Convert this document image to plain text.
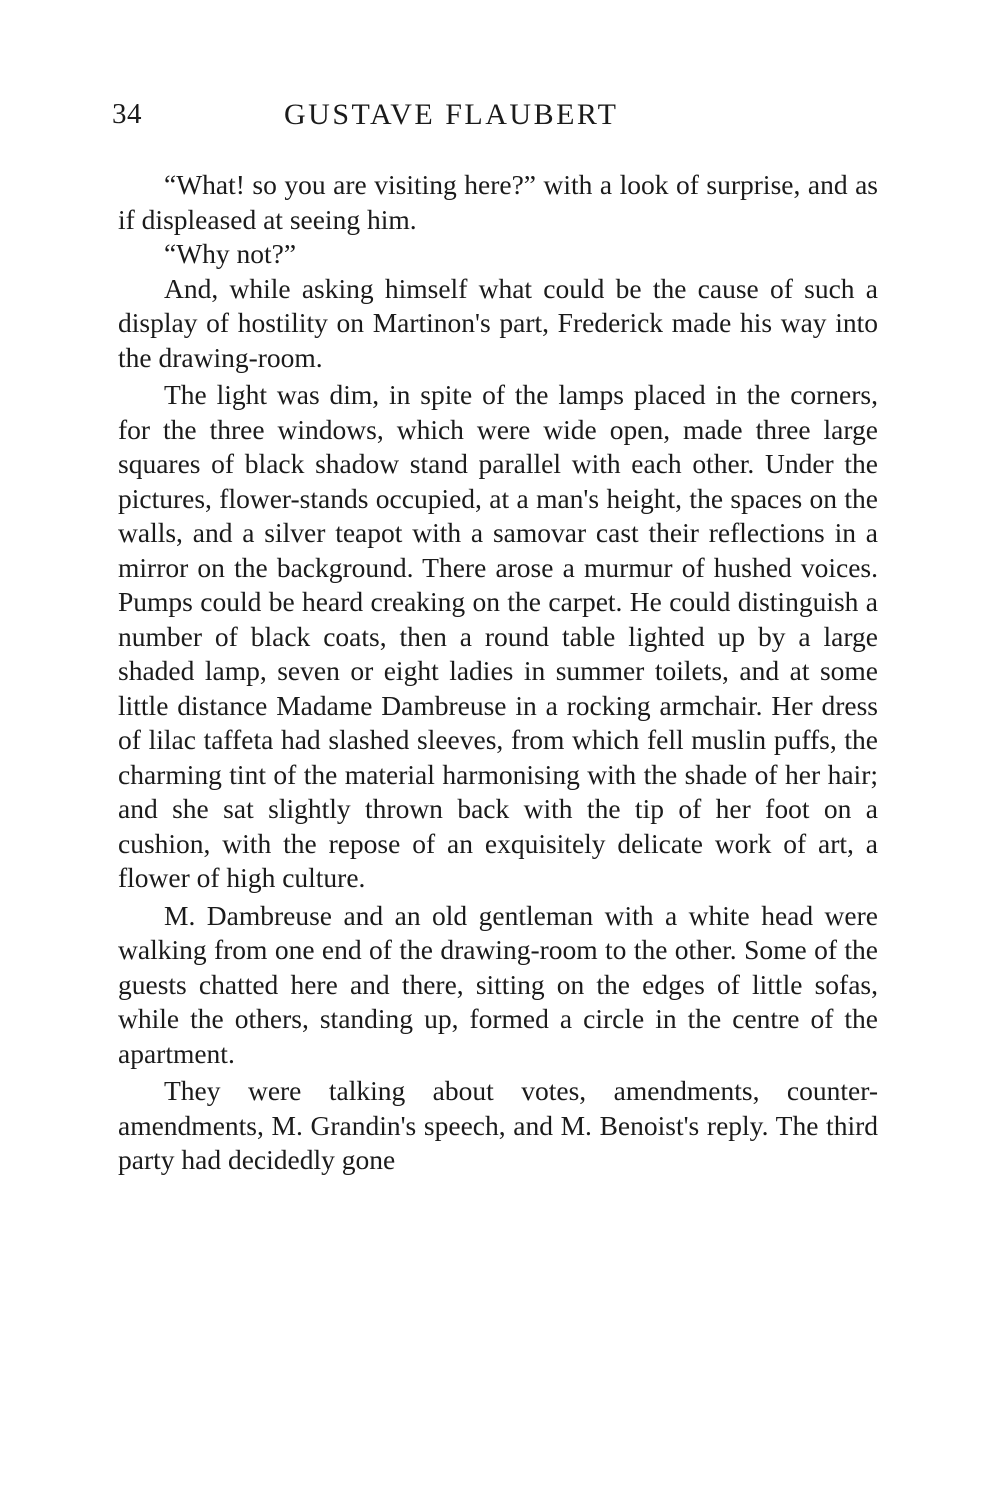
34	GUSTAVE FLAUBERT

“What! so you are visiting here?” with a look of surprise, and as if displeased at seeing him.

“Why not?”

And, while asking himself what could be the cause of such a display of hostility on Martinon's part, Frederick made his way into the drawing-room.

The light was dim, in spite of the lamps placed in the corners, for the three windows, which were wide open, made three large squares of black shadow stand parallel with each other. Under the pictures, flower-stands occupied, at a man's height, the spaces on the walls, and a silver teapot with a samovar cast their reflections in a mirror on the background. There arose a murmur of hushed voices. Pumps could be heard creaking on the carpet. He could distinguish a number of black coats, then a round table lighted up by a large shaded lamp, seven or eight ladies in summer toilets, and at some little distance Madame Dambreuse in a rocking armchair. Her dress of lilac taffeta had slashed sleeves, from which fell muslin puffs, the charming tint of the material harmonising with the shade of her hair; and she sat slightly thrown back with the tip of her foot on a cushion, with the repose of an exquisitely delicate work of art, a flower of high culture.

M. Dambreuse and an old gentleman with a white head were walking from one end of the drawing-room to the other. Some of the guests chatted here and there, sitting on the edges of little sofas, while the others, standing up, formed a circle in the centre of the apartment.

They were talking about votes, amendments, counter-amendments, M. Grandin's speech, and M. Benoist's reply. The third party had decidedly gone
